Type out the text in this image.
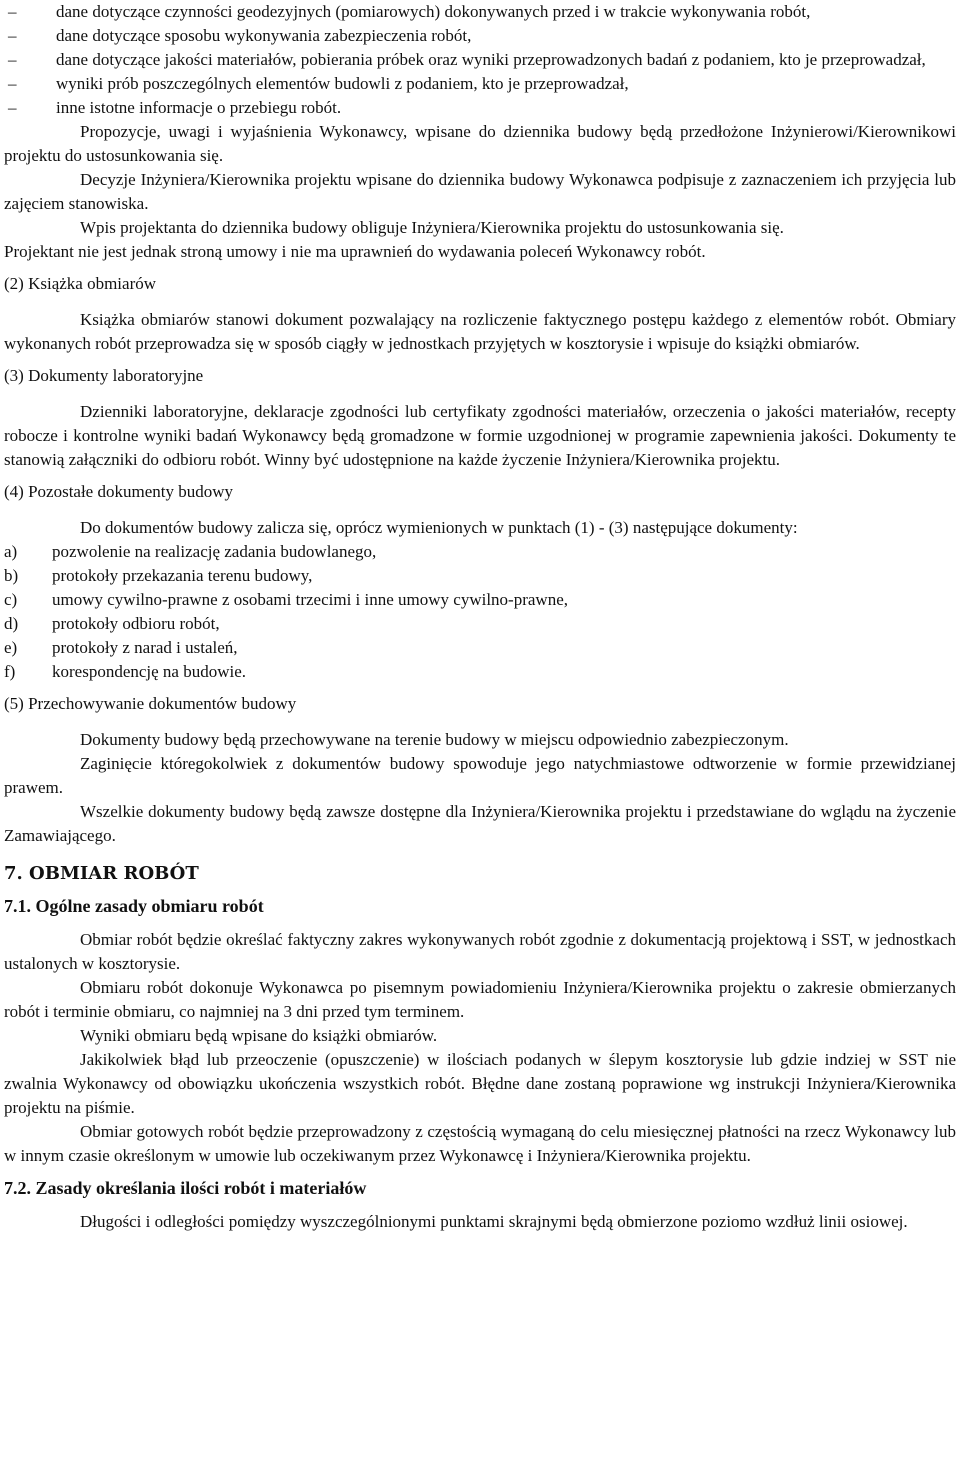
– dane dotyczące czynności geodezyjnych (pomiarowych) dokonywanych przed i w trakcie wykonywania robót,

– dane dotyczące sposobu wykonywania zabezpieczenia robót,

– dane dotyczące jakości materiałów, pobierania próbek oraz wyniki przeprowadzonych badań z podaniem, kto je przeprowadzał,

– wyniki prób poszczególnych elementów budowli z podaniem, kto je przeprowadzał,

– inne istotne informacje o przebiegu robót.

Propozycje, uwagi i wyjaśnienia Wykonawcy, wpisane do dziennika budowy będą przedłożone Inżynierowi/Kierownikowi projektu do ustosunkowania się.

Decyzje Inżyniera/Kierownika projektu wpisane do dziennika budowy Wykonawca podpisuje z zaznaczeniem ich przyjęcia lub zajęciem stanowiska.

Wpis projektanta do dziennika budowy obliguje Inżyniera/Kierownika projektu do ustosunkowania się.

Projektant nie jest jednak stroną umowy i nie ma uprawnień do wydawania poleceń Wykonawcy robót.

(2) Książka obmiarów

Książka obmiarów stanowi dokument pozwalający na rozliczenie faktycznego postępu każdego z elementów robót. Obmiary wykonanych robót przeprowadza się w sposób ciągły w jednostkach przyjętych w kosztorysie i wpisuje do książki obmiarów.

(3) Dokumenty laboratoryjne

Dzienniki laboratoryjne, deklaracje zgodności lub certyfikaty zgodności materiałów, orzeczenia o jakości materiałów, recepty robocze i kontrolne wyniki badań Wykonawcy będą gromadzone w formie uzgodnionej w programie zapewnienia jakości. Dokumenty te stanowią załączniki do odbioru robót. Winny być udostępnione na każde życzenie Inżyniera/Kierownika projektu.

(4) Pozostałe dokumenty budowy

Do dokumentów budowy zalicza się, oprócz wymienionych w punktach (1) - (3) następujące dokumenty:

a) pozwolenie na realizację zadania budowlanego,

b) protokoły przekazania terenu budowy,

c) umowy cywilno-prawne z osobami trzecimi i inne umowy cywilno-prawne,

d) protokoły odbioru robót,

e) protokoły z narad i ustaleń,

f) korespondencję na budowie.

(5) Przechowywanie dokumentów budowy

Dokumenty budowy będą przechowywane na terenie budowy w miejscu odpowiednio zabezpieczonym.

Zaginięcie któregokolwiek z dokumentów budowy spowoduje jego natychmiastowe odtworzenie w formie przewidzianej prawem.

Wszelkie dokumenty budowy będą zawsze dostępne dla Inżyniera/Kierownika projektu i przedstawiane do wglądu na życzenie Zamawiającego.

7. OBMIAR ROBÓT

7.1. Ogólne zasady obmiaru robót

Obmiar robót będzie określać faktyczny zakres wykonywanych robót zgodnie z dokumentacją projektową i SST, w jednostkach ustalonych w kosztorysie.

Obmiaru robót dokonuje Wykonawca po pisemnym powiadomieniu Inżyniera/Kierownika projektu o zakresie obmierzanych robót i terminie obmiaru, co najmniej na 3 dni przed tym terminem.

Wyniki obmiaru będą wpisane do książki obmiarów.

Jakikolwiek błąd lub przeoczenie (opuszczenie) w ilościach podanych w ślepym kosztorysie lub gdzie indziej w SST nie zwalnia Wykonawcy od obowiązku ukończenia wszystkich robót. Błędne dane zostaną poprawione wg instrukcji Inżyniera/Kierownika projektu na piśmie.

Obmiar gotowych robót będzie przeprowadzony z częstością wymaganą do celu miesięcznej płatności na rzecz Wykonawcy lub w innym czasie określonym w umowie lub oczekiwanym przez Wykonawcę i Inżyniera/Kierownika projektu.

7.2. Zasady określania ilości robót i materiałów

Długości i odległości pomiędzy wyszczególnionymi punktami skrajnymi będą obmierzone poziomo wzdłuż linii osiowej.
